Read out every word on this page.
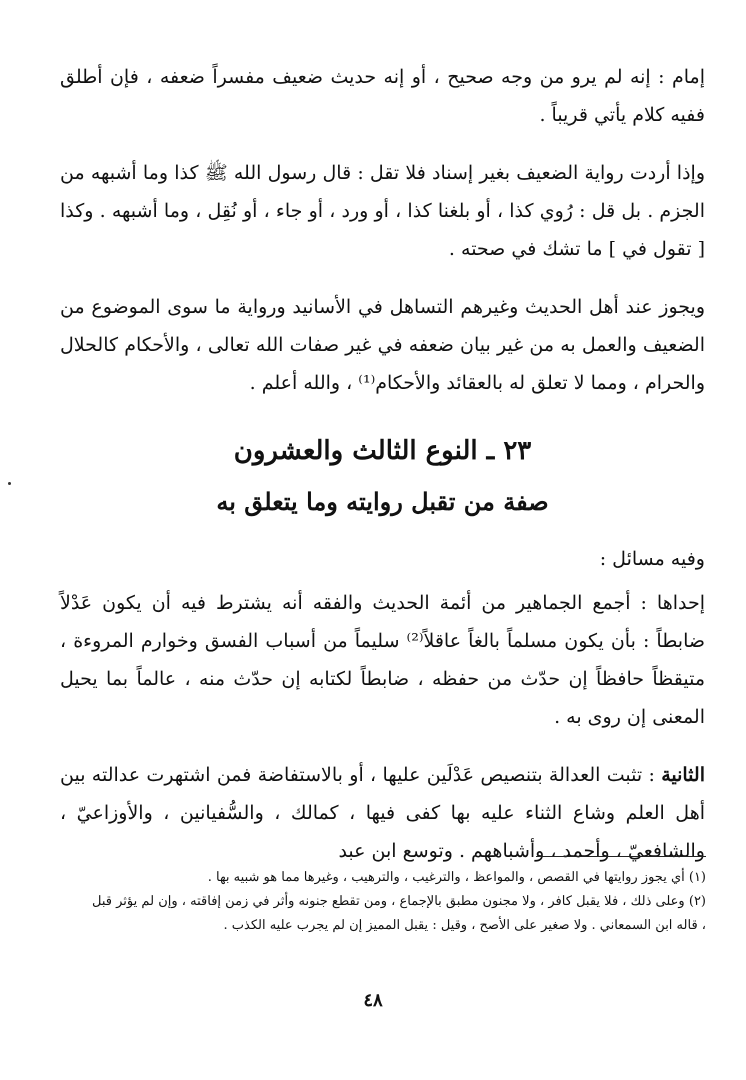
إمام : إنه لم يرو من وجه صحيح ، أو إنه حديث ضعيف مفسراً ضعفه ، فإن أطلق ففيه كلام يأتي قريباً .

وإذا أردت رواية الضعيف بغير إسناد فلا تقل : قال رسول الله ﷺ كذا وما أشبهه من الجزم . بل قل : رُوي كذا ، أو بلغنا كذا ، أو ورد ، أو جاء ، أو نُقِل ، وما أشبهه . وكذا [ تقول في ] ما تشك في صحته .

ويجوز عند أهل الحديث وغيرهم التساهل في الأسانيد ورواية ما سوى الموضوع من الضعيف والعمل به من غير بيان ضعفه في غير صفات الله تعالى ، والأحكام كالحلال والحرام ، ومما لا تعلق له بالعقائد والأحكام⁽¹⁾ ، والله أعلم .

٢٣ ـ النوع الثالث والعشرون
صفة من تقبل روايته وما يتعلق به

وفيه مسائل :

إحداها : أجمع الجماهير من أئمة الحديث والفقه أنه يشترط فيه أن يكون عَدْلاً ضابطاً : بأن يكون مسلماً بالغاً عاقلاً⁽²⁾ سليماً من أسباب الفسق وخوارم المروءة ، متيقظاً حافظاً إن حدّث من حفظه ، ضابطاً لكتابه إن حدّث منه ، عالماً بما يحيل المعنى إن روى به .

الثانية : تثبت العدالة بتنصيص عَدْلَين عليها ، أو بالاستفاضة فمن اشتهرت عدالته بين أهل العلم وشاع الثناء عليه بها كفى فيها ، كمالك ، والسُّفيانين ، والأوزاعيّ ، والشافعيّ ، وأحمد ، وأشباههم . وتوسع ابن عبد

(١) أي يجوز روايتها في القصص ، والمواعظ ، والترغيب ، والترهيب ، وغيرها مما هو شبيه بها .

(٢) وعلى ذلك ، فلا يقبل كافر ، ولا مجنون مطبق بالإجماع ، ومن تقطع جنونه وأثر في زمن إفاقته ، وإن لم يؤثر قبل ، قاله ابن السمعاني . ولا صغير على الأصح ، وقيل : يقبل المميز إن لم يجرب عليه الكذب .

٤٨
